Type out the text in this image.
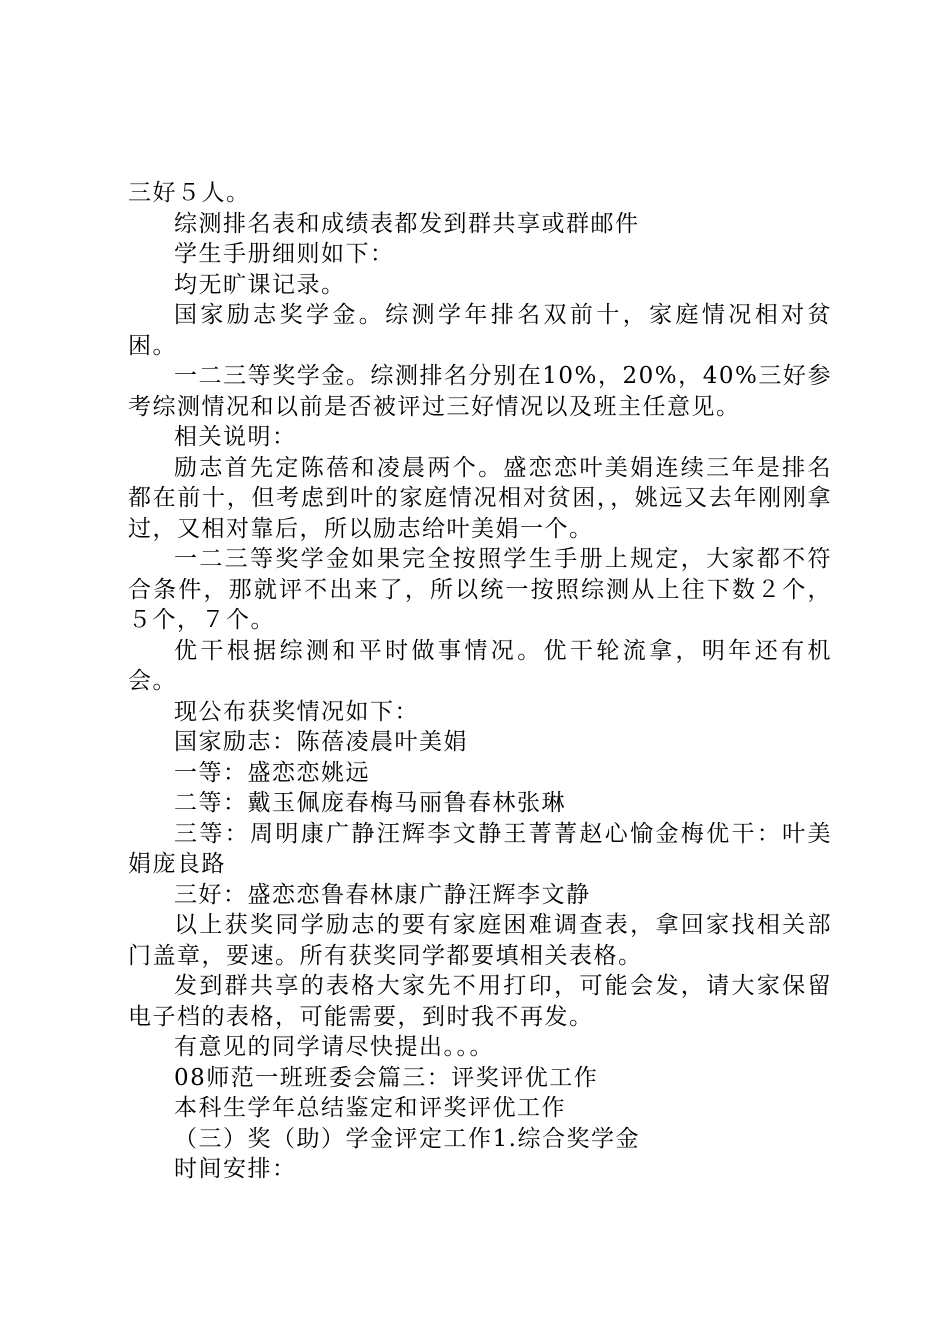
三好５人。

综测排名表和成绩表都发到群共享或群邮件

学生手册细则如下：

均无旷课记录。

国家励志奖学金。综测学年排名双前十，家庭情况相对贫困。

一二三等奖学金。综测排名分别在10%，20%，40%三好参考综测情况和以前是否被评过三好情况以及班主任意见。

相关说明：

励志首先定陈蓓和凌晨两个。盛恋恋叶美娟连续三年是排名都在前十，但考虑到叶的家庭情况相对贫困，，姚远又去年刚刚拿过，又相对靠后，所以励志给叶美娟一个。

一二三等奖学金如果完全按照学生手册上规定，大家都不符合条件，那就评不出来了，所以统一按照综测从上往下数２个，５个，７个。

优干根据综测和平时做事情况。优干轮流拿，明年还有机会。

现公布获奖情况如下：

国家励志：陈蓓凌晨叶美娟

一等：盛恋恋姚远

二等：戴玉佩庞春梅马丽鲁春林张琳

三等：周明康广静汪辉李文静王菁菁赵心愉金梅优干：叶美娟庞良路

三好：盛恋恋鲁春林康广静汪辉李文静

以上获奖同学励志的要有家庭困难调查表，拿回家找相关部门盖章，要速。所有获奖同学都要填相关表格。

发到群共享的表格大家先不用打印，可能会发，请大家保留电子档的表格，可能需要，到时我不再发。

有意见的同学请尽快提出。。。

08师范一班班委会篇三：评奖评优工作

本科生学年总结鉴定和评奖评优工作

（三）奖（助）学金评定工作1.综合奖学金

时间安排：
